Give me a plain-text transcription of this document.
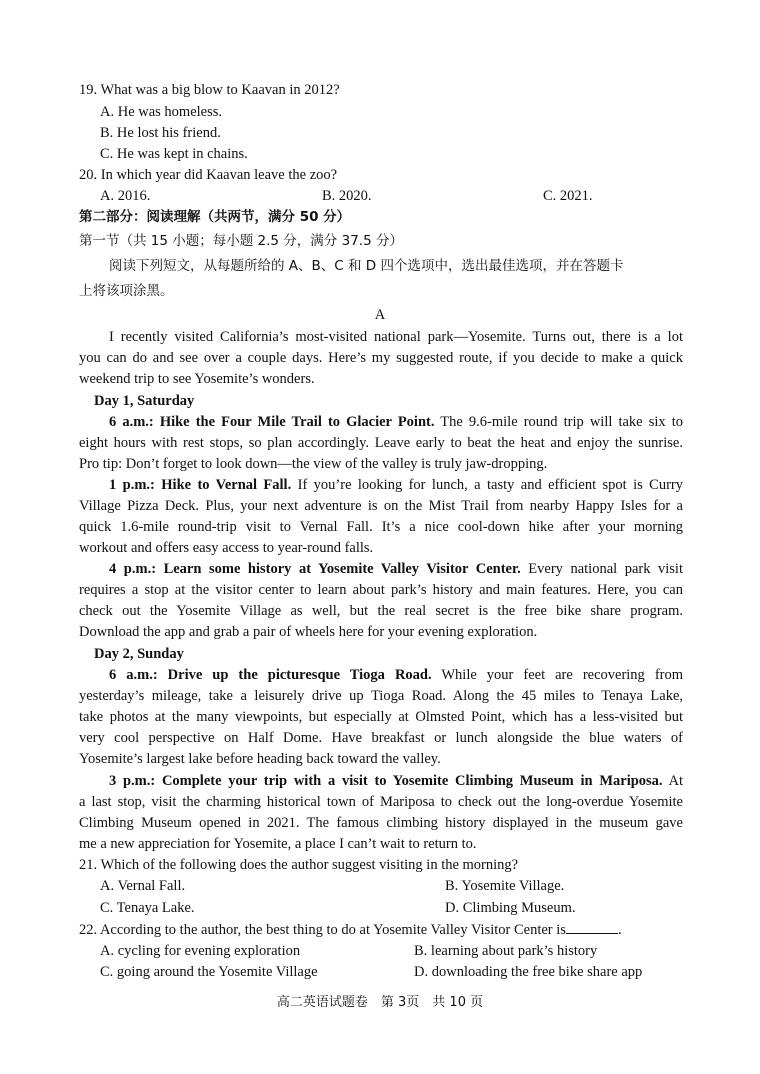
19. What was a big blow to Kaavan in 2012?
A. He was homeless.
B. He lost his friend.
C. He was kept in chains.
20. In which year did Kaavan leave the zoo?
A. 2016.	B. 2020.	C. 2021.
第二部分：阅读理解（共两节，满分 50 分）
第一节（共 15 小题；每小题 2.5 分，满分 37.5 分）
阅读下列短文，从每题所给的 A、B、C 和 D 四个选项中，选出最佳选项，并在答题卡
上将该项涂黑。
A
I recently visited California’s most-visited national park—Yosemite. Turns out, there is a lot
you can do and see over a couple days. Here’s my suggested route, if you decide to make a quick
weekend trip to see Yosemite’s wonders.
Day 1, Saturday
6 a.m.: Hike the Four Mile Trail to Glacier Point. The 9.6-mile round trip will take six to
eight hours with rest stops, so plan accordingly. Leave early to beat the heat and enjoy the sunrise.
Pro tip: Don’t forget to look down—the view of the valley is truly jaw-dropping.
1 p.m.: Hike to Vernal Fall. If you’re looking for lunch, a tasty and efficient spot is Curry
Village Pizza Deck. Plus, your next adventure is on the Mist Trail from nearby Happy Isles for a
quick 1.6-mile round-trip visit to Vernal Fall. It’s a nice cool-down hike after your morning
workout and offers easy access to year-round falls.
4 p.m.: Learn some history at Yosemite Valley Visitor Center. Every national park visit
requires a stop at the visitor center to learn about park’s history and main features. Here, you can
check out the Yosemite Village as well, but the real secret is the free bike share program.
Download the app and grab a pair of wheels here for your evening exploration.
Day 2, Sunday
6 a.m.: Drive up the picturesque Tioga Road. While your feet are recovering from
yesterday’s mileage, take a leisurely drive up Tioga Road. Along the 45 miles to Tenaya Lake,
take photos at the many viewpoints, but especially at Olmsted Point, which has a less-visited but
very cool perspective on Half Dome. Have breakfast or lunch alongside the blue waters of
Yosemite’s largest lake before heading back toward the valley.
3 p.m.: Complete your trip with a visit to Yosemite Climbing Museum in Mariposa. At
a last stop, visit the charming historical town of Mariposa to check out the long-overdue Yosemite
Climbing Museum opened in 2021. The famous climbing history displayed in the museum gave
me a new appreciation for Yosemite, a place I can’t wait to return to.
21. Which of the following does the author suggest visiting in the morning?
A. Vernal Fall.	B. Yosemite Village.
C. Tenaya Lake.	D. Climbing Museum.
22. According to the author, the best thing to do at Yosemite Valley Visitor Center is	.
A. cycling for evening exploration	B. learning about park’s history
C. going around the Yosemite Village	D. downloading the free bike share app
高二英语试题卷　第 3页　共 10 页
